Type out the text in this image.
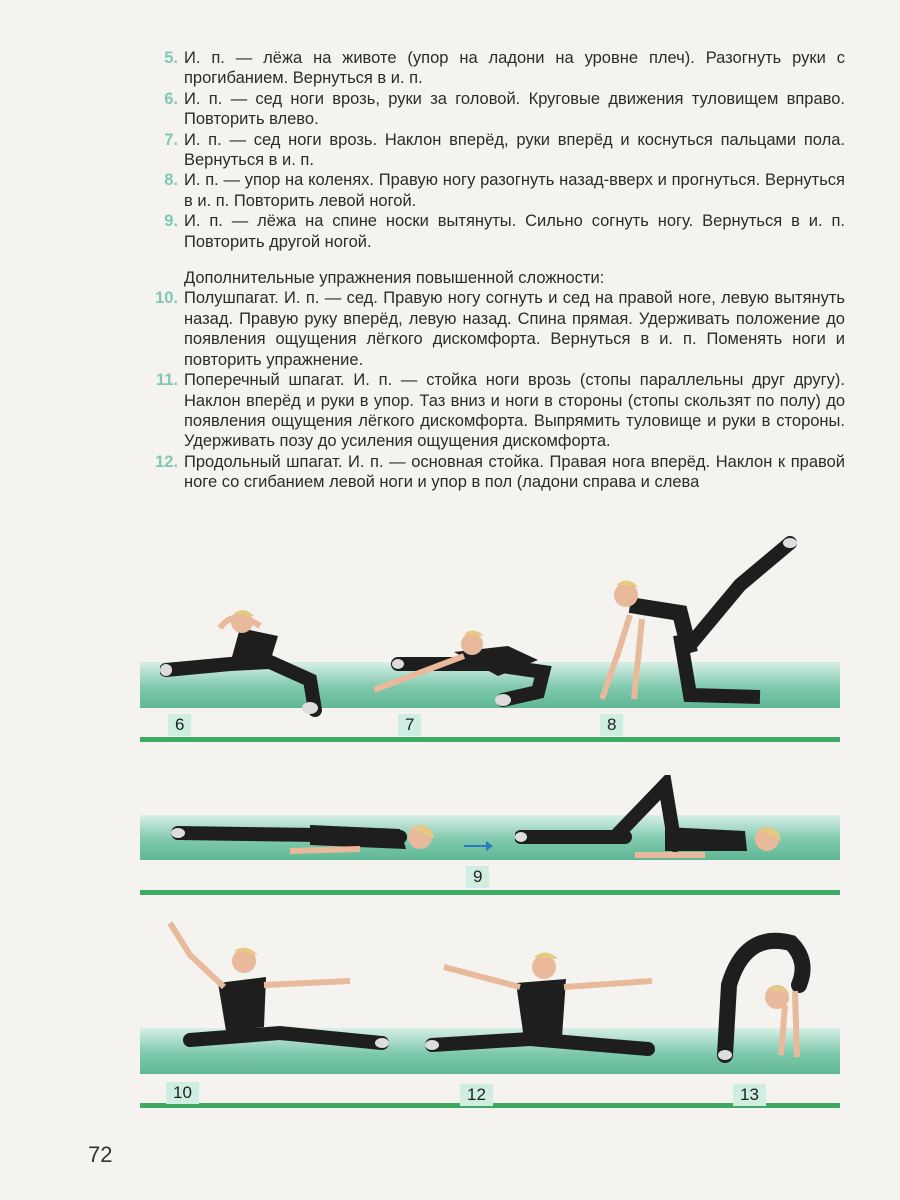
5. И. п. — лёжа на животе (упор на ладони на уровне плеч). Разогнуть руки с прогибанием. Вернуться в и. п.
6. И. п. — сед ноги врозь, руки за головой. Круговые движения туловищем вправо. Повторить влево.
7. И. п. — сед ноги врозь. Наклон вперёд, руки вперёд и коснуться пальцами пола. Вернуться в и. п.
8. И. п. — упор на коленях. Правую ногу разогнуть назад-вверх и прогнуться. Вернуться в и. п. Повторить левой ногой.
9. И. п. — лёжа на спине носки вытянуты. Сильно согнуть ногу. Вернуться в и. п. Повторить другой ногой.
Дополнительные упражнения повышенной сложности:
10. Полушпагат. И. п. — сед. Правую ногу согнуть и сед на правой ноге, левую вытянуть назад. Правую руку вперёд, левую назад. Спина прямая. Удерживать положение до появления ощущения лёгкого дискомфорта. Вернуться в и. п. Поменять ноги и повторить упражнение.
11. Поперечный шпагат. И. п. — стойка ноги врозь (стопы параллельны друг другу). Наклон вперёд и руки в упор. Таз вниз и ноги в стороны (стопы скользят по полу) до появления ощущения лёгкого дискомфорта. Выпрямить туловище и руки в стороны. Удерживать позу до усиления ощущения дискомфорта.
12. Продольный шпагат. И. п. — основная стойка. Правая нога вперёд. Наклон к правой ноге со сгибанием левой ноги и упор в пол (ладони справа и слева
6	7	8
9
10	12	13
72
